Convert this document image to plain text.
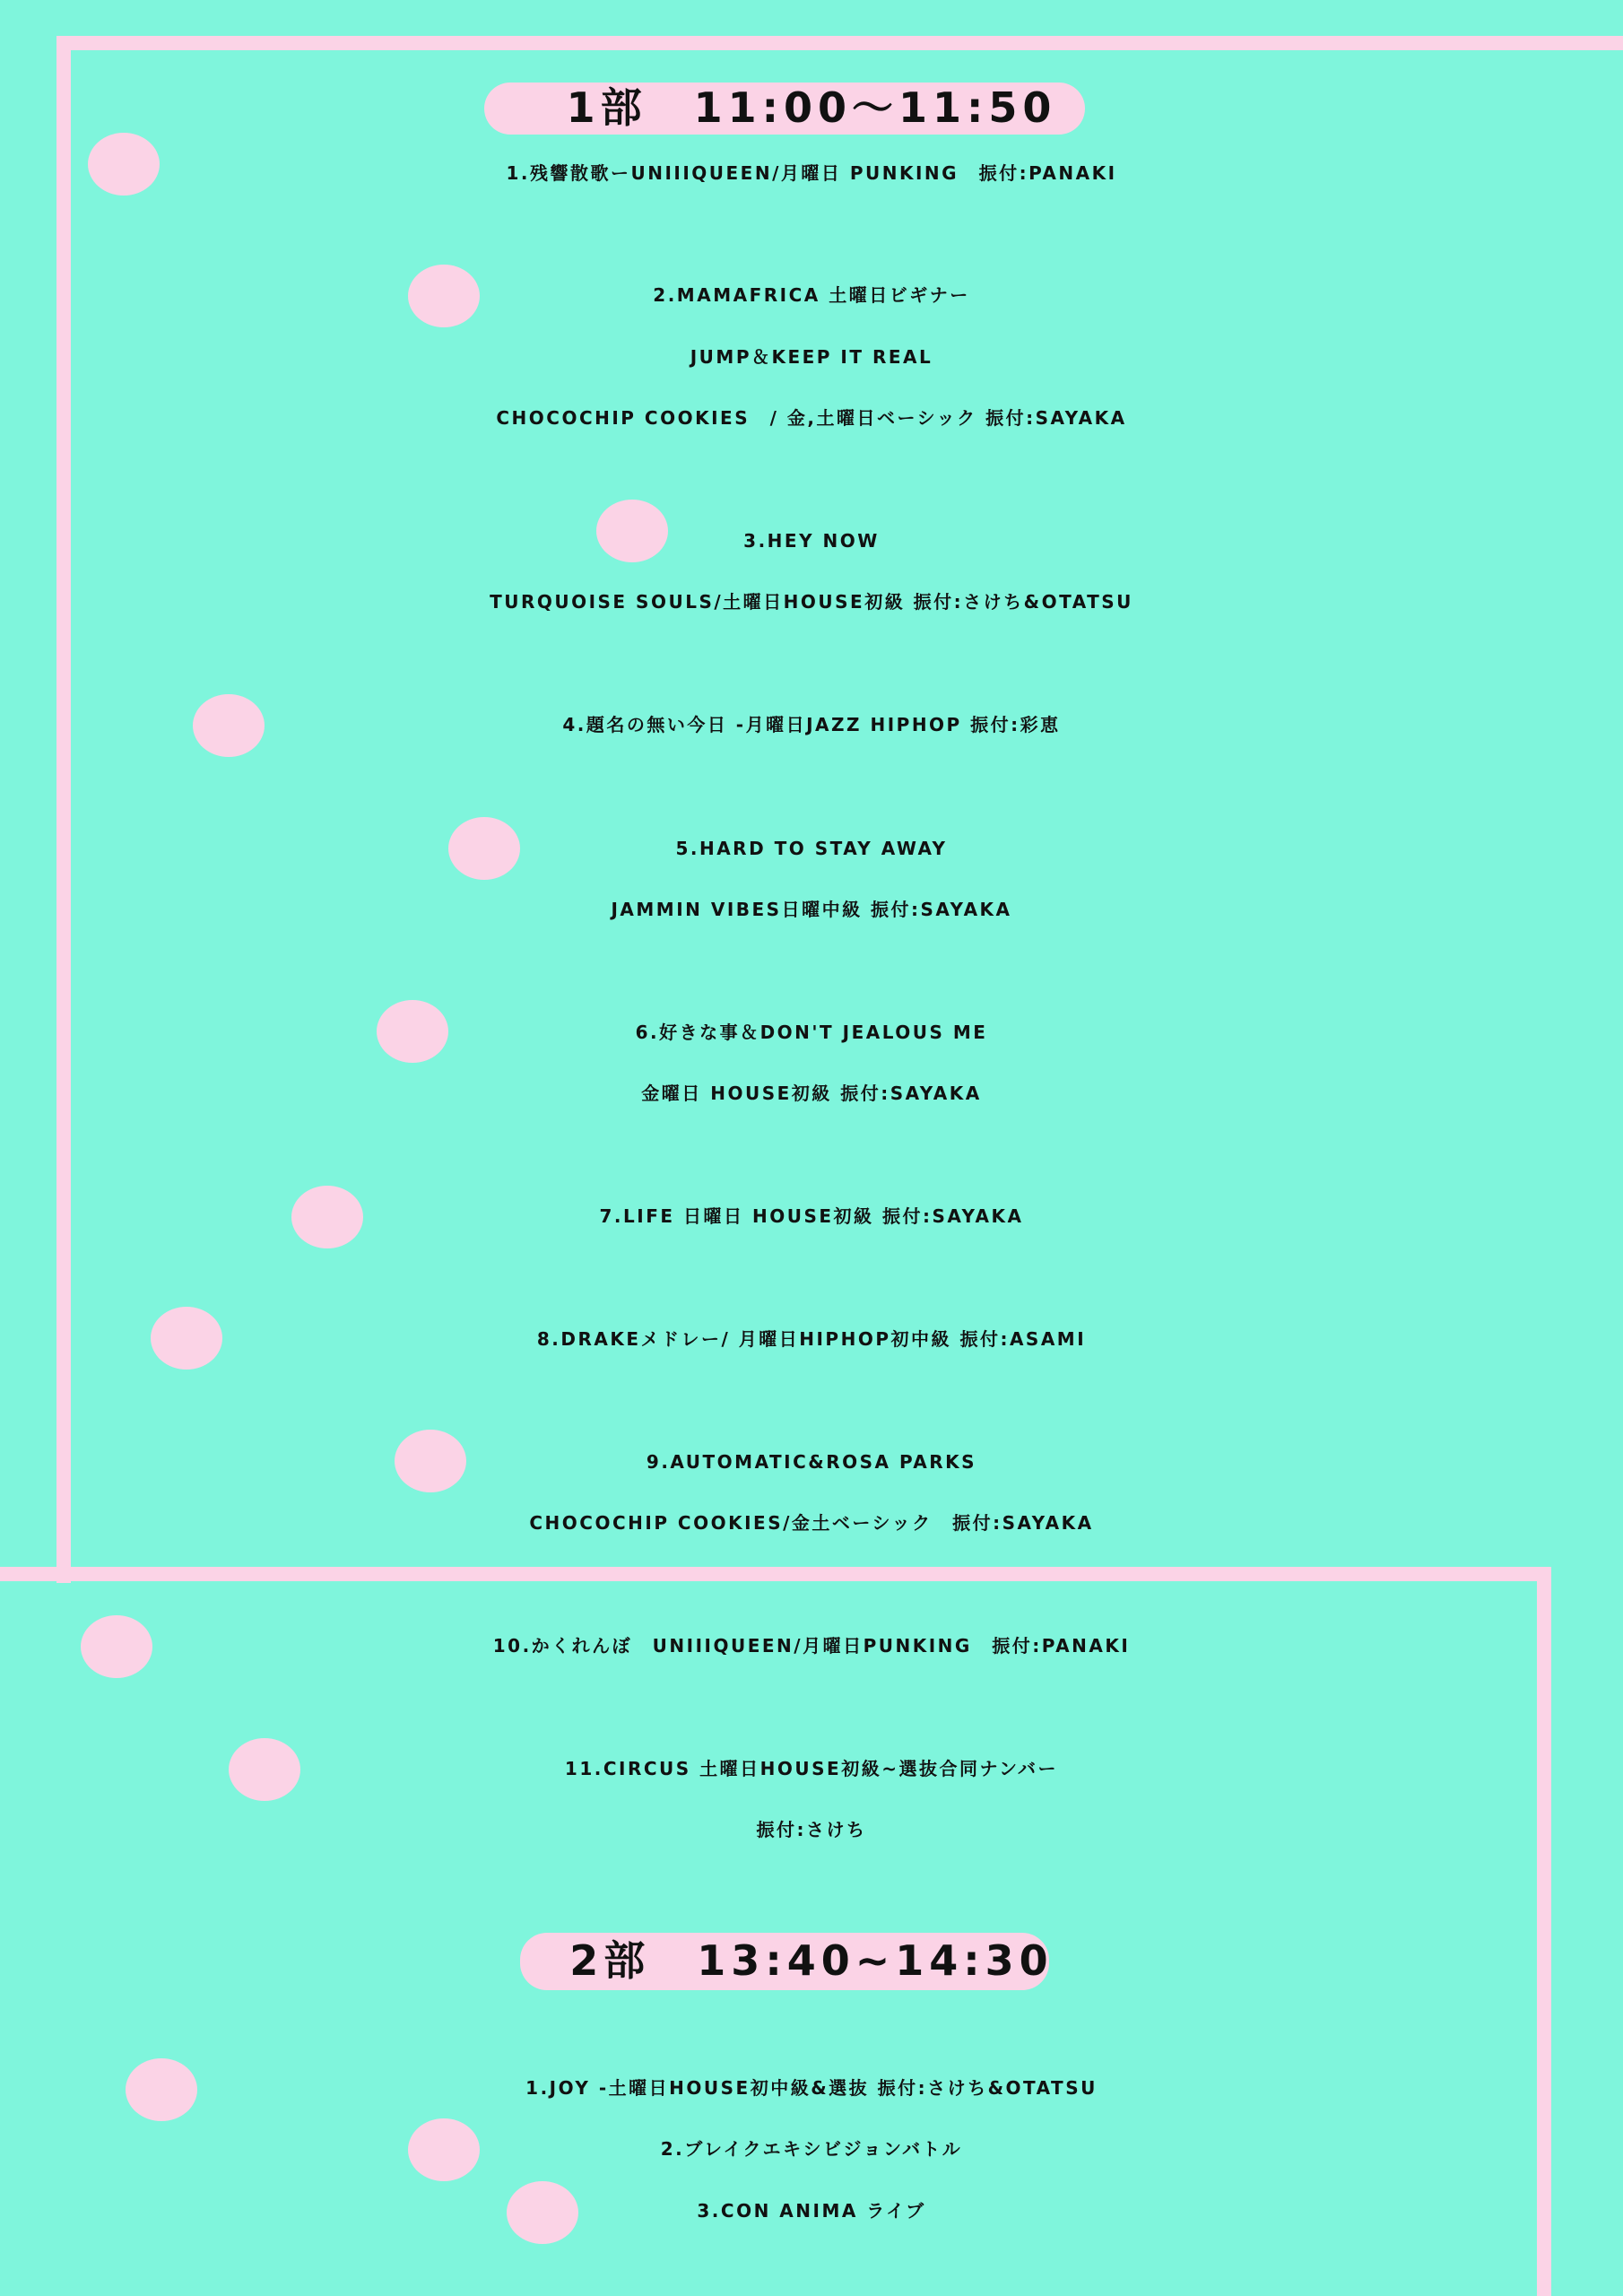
1部　11:00～11:50
1.残響散歌ーUNIIIQUEEN/月曜日 PUNKING　振付:PANAKI
2.MAMAFRICA 土曜日ビギナー
JUMP＆KEEP IT REAL
CHOCOCHIP COOKIES　/ 金,土曜日ベーシック 振付:SAYAKA
3.HEY NOW
TURQUOISE SOULS/土曜日HOUSE初級 振付:さけち&OTATSU
4.題名の無い今日 -月曜日JAZZ HIPHOP 振付:彩恵
5.HARD TO STAY AWAY
JAMMIN VIBES日曜中級 振付:SAYAKA
6.好きな事＆DON'T JEALOUS ME
金曜日 HOUSE初級 振付:SAYAKA
7.LIFE 日曜日 HOUSE初級 振付:SAYAKA
8.DRAKEメドレー/ 月曜日HIPHOP初中級 振付:ASAMI
9.AUTOMATIC&ROSA PARKS
CHOCOCHIP COOKIES/金土ベーシック　振付:SAYAKA
10.かくれんぼ　UNIIIQUEEN/月曜日PUNKING　振付:PANAKI
11.CIRCUS 土曜日HOUSE初級~選抜合同ナンバー
振付:さけち
2部　13:40~14:30
1.JOY -土曜日HOUSE初中級&選抜 振付:さけち&OTATSU
2.ブレイクエキシビジョンバトル
3.CON ANIMA ライブ
